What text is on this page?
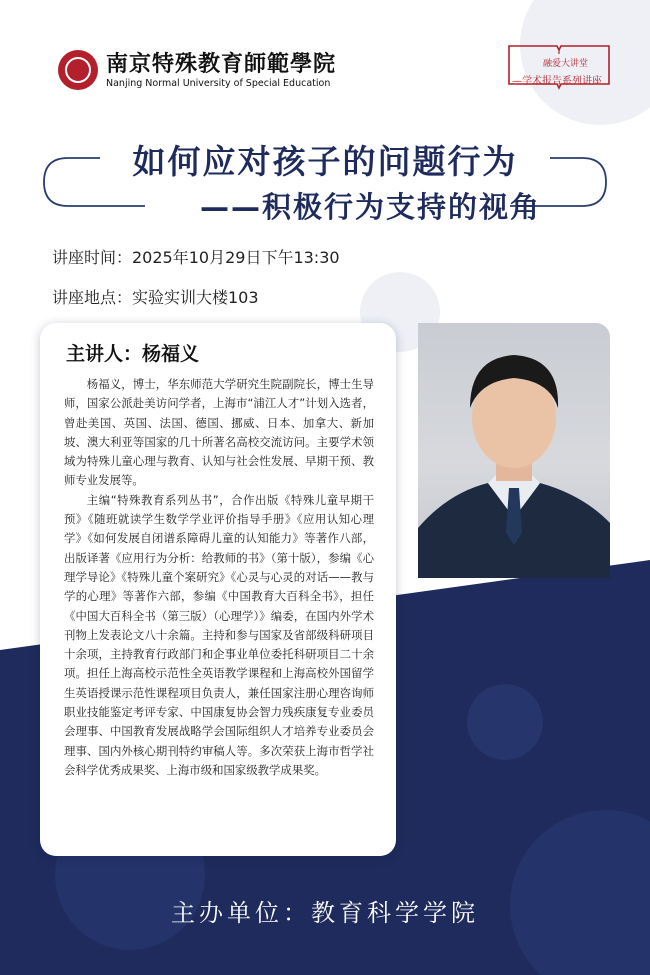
南京特殊教育師範學院
Nanjing Normal University of Special Education
融爱大讲堂
—学术报告系列讲座
如何应对孩子的问题行为
——积极行为支持的视角
讲座时间：2025年10月29日下午13:30
讲座地点：实验实训大楼103
主讲人：杨福义

杨福义，博士，华东师范大学研究生院副院长，博士生导师，国家公派赴美访问学者，上海市“浦江人才”计划入选者，曾赴美国、英国、法国、德国、挪威、日本、加拿大、新加坡、澳大利亚等国家的几十所著名高校交流访问。主要学术领域为特殊儿童心理与教育、认知与社会性发展、早期干预、教师专业发展等。

主编“特殊教育系列丛书”，合作出版《特殊儿童早期干预》《随班就读学生数学学业评价指导手册》《应用认知心理学》《如何发展自闭谱系障碍儿童的认知能力》等著作八部，出版译著《应用行为分析：给教师的书》（第十版），参编《心理学导论》《特殊儿童个案研究》《心灵与心灵的对话——教与学的心理》等著作六部，参编《中国教育大百科全书》，担任《中国大百科全书（第三版）（心理学）》编委，在国内外学术刊物上发表论文八十余篇。主持和参与国家及省部级科研项目十余项，主持教育行政部门和企事业单位委托科研项目二十余项。担任上海高校示范性全英语教学课程和上海高校外国留学生英语授课示范性课程项目负责人，兼任国家注册心理咨询师职业技能鉴定考评专家、中国康复协会智力残疾康复专业委员会理事、中国教育发展战略学会国际组织人才培养专业委员会理事、国内外核心期刊特约审稿人等。多次荣获上海市哲学社会科学优秀成果奖、上海市级和国家级教学成果奖。

主办单位：教育科学学院
